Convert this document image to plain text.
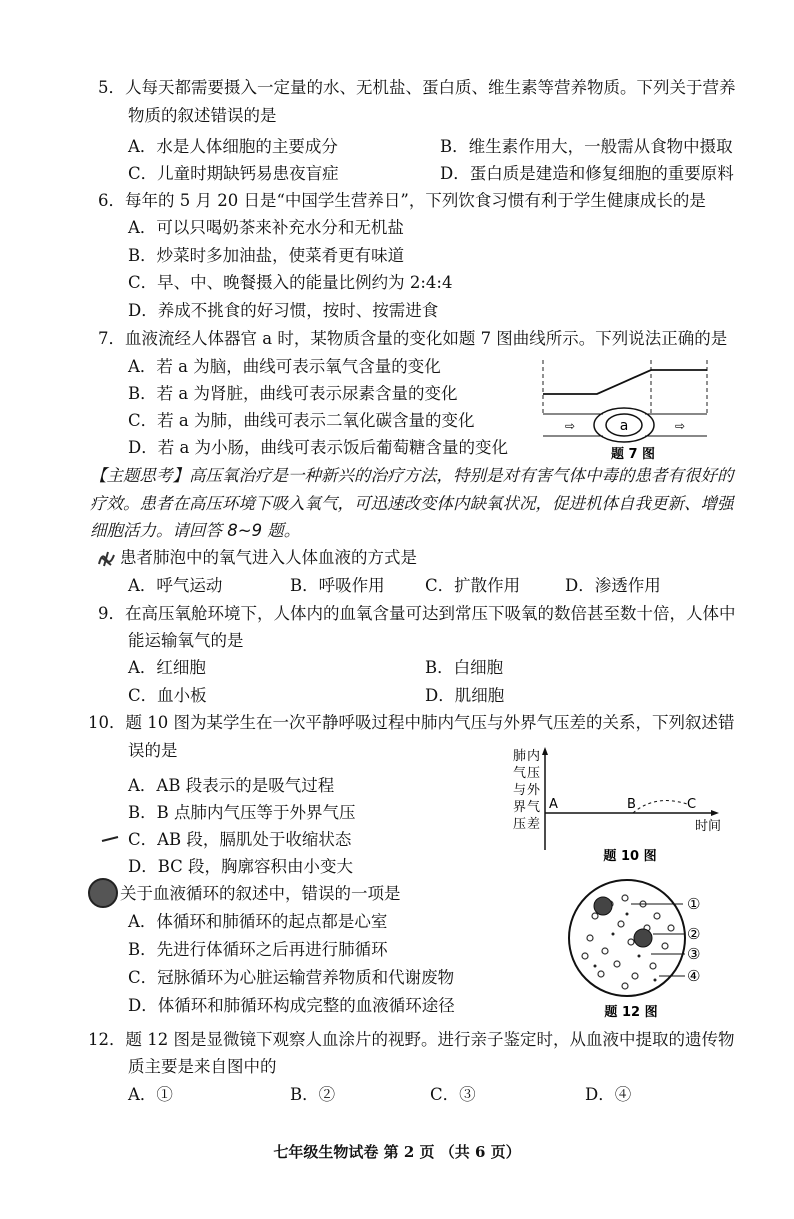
5．人每天都需要摄入一定量的水、无机盐、蛋白质、维生素等营养物质。下列关于营养
物质的叙述错误的是
A．水是人体细胞的主要成分	B．维生素作用大，一般需从食物中摄取
C．儿童时期缺钙易患夜盲症	D．蛋白质是建造和修复细胞的重要原料
6．每年的 5 月 20 日是“中国学生营养日”，下列饮食习惯有利于学生健康成长的是
A．可以只喝奶茶来补充水分和无机盐
B．炒菜时多加油盐，使菜肴更有味道
C．早、中、晚餐摄入的能量比例约为 2:4:4
D．养成不挑食的好习惯，按时、按需进食
7．血液流经人体器官 a 时，某物质含量的变化如题 7 图曲线所示。下列说法正确的是
A．若 a 为脑，曲线可表示氧气含量的变化
B．若 a 为肾脏，曲线可表示尿素含量的变化
C．若 a 为肺，曲线可表示二氧化碳含量的变化
D．若 a 为小肠，曲线可表示饭后葡萄糖含量的变化
a
⇨	⇨
题 7 图
【主题思考】高压氧治疗是一种新兴的治疗方法，特别是对有害气体中毒的患者有很好的
疗效。患者在高压环境下吸入氧气，可迅速改变体内缺氧状况，促进机体自我更新、增强
细胞活力。请回答 8~9 题。
患者肺泡中的氧气进入人体血液的方式是
A．呼气运动	B．呼吸作用 C．扩散作用	D．渗透作用
9．在高压氧舱环境下，人体内的血氧含量可达到常压下吸氧的数倍甚至数十倍，人体中
能运输氧气的是
A．红细胞	B．白细胞
C．血小板	D．肌细胞
10．题 10 图为某学生在一次平静呼吸过程中肺内气压与外界气压差的关系，下列叙述错
误的是
A．AB 段表示的是吸气过程
B．B 点肺内气压等于外界气压
C．AB 段，膈肌处于收缩状态
D．BC 段，胸廓容积由小变大
肺
气
与
界
压
内
压
外
气
差
A	B	C
时间
题 10 图
关于血液循环的叙述中，错误的一项是
A．体循环和肺循环的起点都是心室
B．先进行体循环之后再进行肺循环
C．冠脉循环为心脏运输营养物质和代谢废物
D．体循环和肺循环构成完整的血液循环途径
①
②
③
④
题 12 图
12．题 12 图是显微镜下观察人血涂片的视野。进行亲子鉴定时，从血液中提取的遗传物
质主要是来自图中的
A．①	B．②	C．③	D．④
七年级生物试卷 第 2 页 （共 6 页）
